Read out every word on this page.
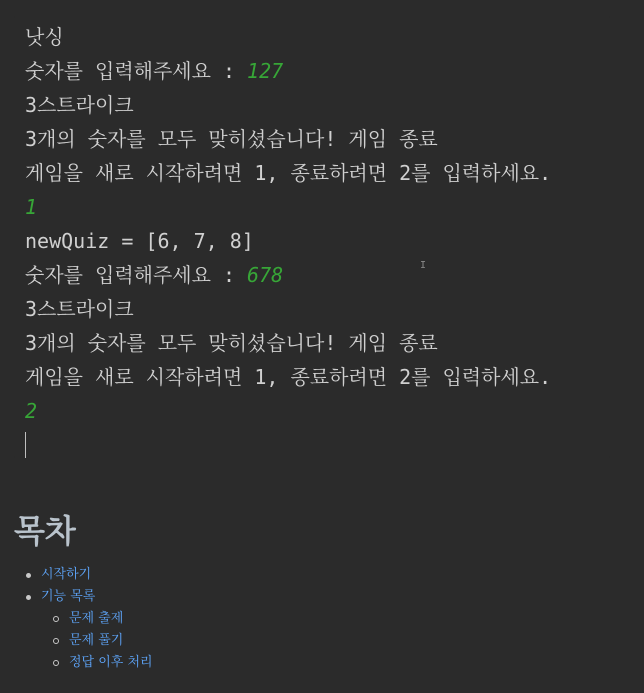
낫싱
숫자를 입력해주세요 : 127
3스트라이크
3개의 숫자를 모두 맞히셨습니다! 게임 종료
게임을 새로 시작하려면 1, 종료하려면 2를 입력하세요.
1
newQuiz = [6, 7, 8]
숫자를 입력해주세요 : 678
3스트라이크
3개의 숫자를 모두 맞히셨습니다! 게임 종료
게임을 새로 시작하려면 1, 종료하려면 2를 입력하세요.
2
I
목차
시작하기
기능 목록
문제 출제
문제 풀기
정답 이후 처리
